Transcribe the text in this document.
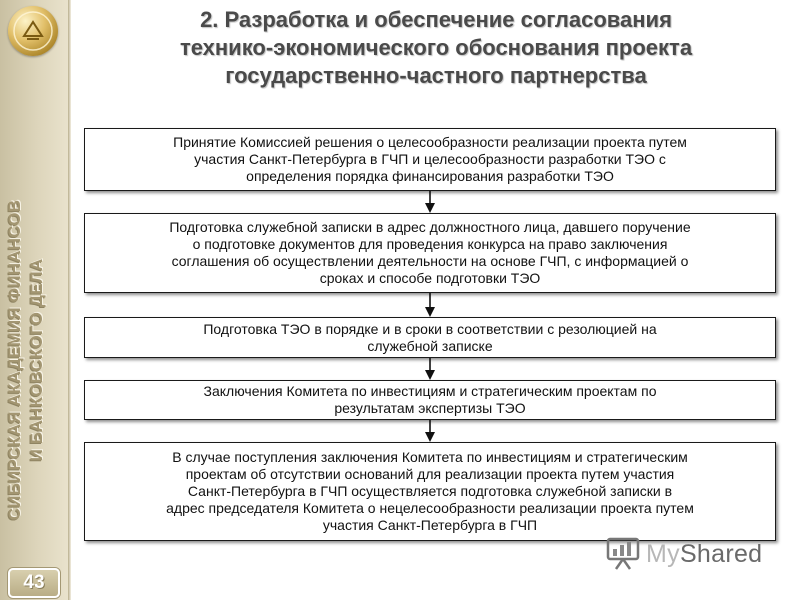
СИБИРСКАЯ АКАДЕМИЯ ФИНАНСОВ И БАНКОВСКОГО ДЕЛА
43
2. Разработка и обеспечение согласования
технико-экономического обоснования проекта
государственно-частного партнерства
Принятие Комиссией решения о целесообразности реализации проекта путем
участия Санкт-Петербурга в ГЧП и целесообразности разработки ТЭО с
определения порядка финансирования разработки ТЭО
Подготовка служебной записки в адрес должностного лица, давшего поручение
о подготовке документов для проведения конкурса на право заключения
соглашения об осуществлении деятельности на основе ГЧП, с информацией о
сроках и способе подготовки ТЭО
Подготовка ТЭО в порядке и в сроки в соответствии с резолюцией на
служебной записке
Заключения Комитета по инвестициям и стратегическим проектам по
результатам экспертизы ТЭО
В случае поступления заключения Комитета по инвестициям и стратегическим
проектам об отсутствии оснований для реализации проекта путем участия
Санкт-Петербурга в ГЧП осуществляется подготовка служебной записки в
адрес председателя Комитета о нецелесообразности реализации проекта путем
участия Санкт-Петербурга в ГЧП
MyShared
